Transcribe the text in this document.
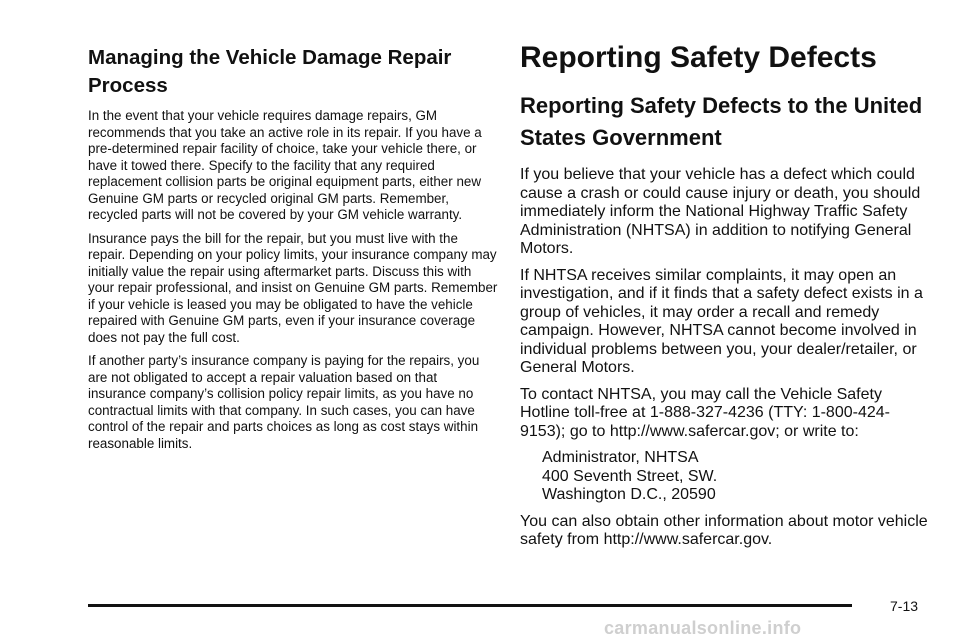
Managing the Vehicle Damage Repair Process

In the event that your vehicle requires damage repairs, GM recommends that you take an active role in its repair. If you have a pre-determined repair facility of choice, take your vehicle there, or have it towed there. Specify to the facility that any required replacement collision parts be original equipment parts, either new Genuine GM parts or recycled original GM parts. Remember, recycled parts will not be covered by your GM vehicle warranty.

Insurance pays the bill for the repair, but you must live with the repair. Depending on your policy limits, your insurance company may initially value the repair using aftermarket parts. Discuss this with your repair professional, and insist on Genuine GM parts. Remember if your vehicle is leased you may be obligated to have the vehicle repaired with Genuine GM parts, even if your insurance coverage does not pay the full cost.

If another party’s insurance company is paying for the repairs, you are not obligated to accept a repair valuation based on that insurance company’s collision policy repair limits, as you have no contractual limits with that company. In such cases, you can have control of the repair and parts choices as long as cost stays within reasonable limits.

Reporting Safety Defects
Reporting Safety Defects to the United States Government

If you believe that your vehicle has a defect which could cause a crash or could cause injury or death, you should immediately inform the National Highway Traffic Safety Administration (NHTSA) in addition to notifying General Motors.

If NHTSA receives similar complaints, it may open an investigation, and if it finds that a safety defect exists in a group of vehicles, it may order a recall and remedy campaign. However, NHTSA cannot become involved in individual problems between you, your dealer/retailer, or General Motors.

To contact NHTSA, you may call the Vehicle Safety Hotline toll-free at 1-888-327-4236 (TTY: 1-800-424-9153); go to http://www.safercar.gov; or write to:

Administrator, NHTSA
400 Seventh Street, SW.
Washington D.C., 20590

You can also obtain other information about motor vehicle safety from http://www.safercar.gov.

7-13
carmanualsonline.info
